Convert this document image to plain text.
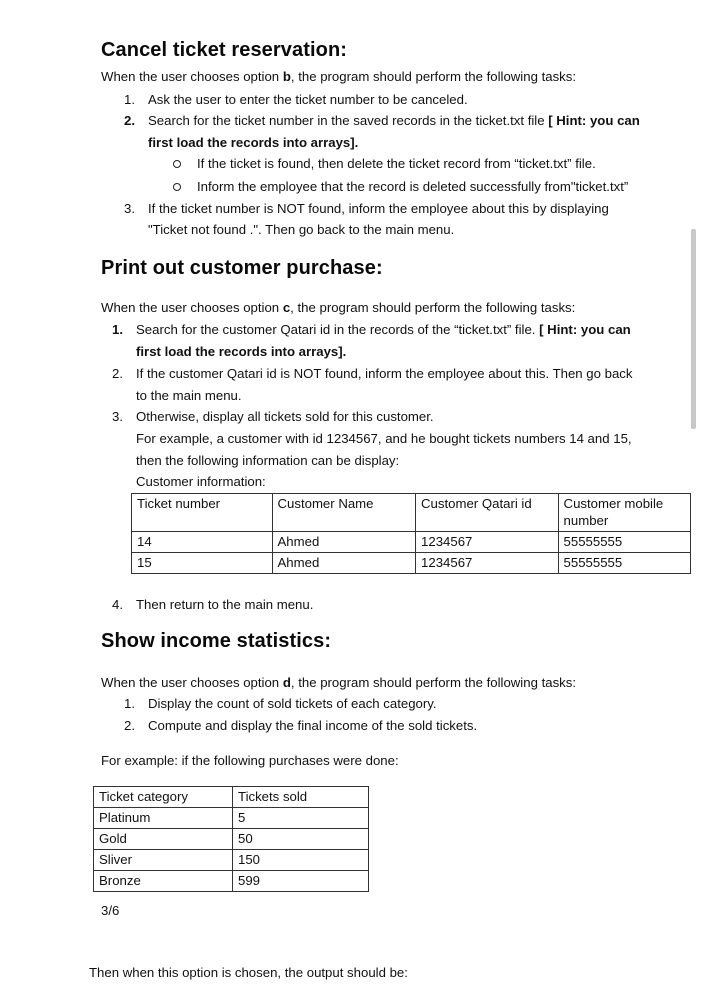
Cancel ticket reservation:
When the user chooses option b, the program should perform the following tasks:
1. Ask the user to enter the ticket number to be canceled.
2. Search for the ticket number in the saved records in the ticket.txt file [ Hint: you can
first load the records into arrays].
If the ticket is found, then delete the ticket record from “ticket.txt” file.
Inform the employee that the record is deleted successfully from"ticket.txt”
3. If the ticket number is NOT found, inform the employee about this by displaying
"Ticket not found .". Then go back to the main menu.
Print out customer purchase:
When the user chooses option c, the program should perform the following tasks:
1. Search for the customer Qatari id in the records of the “ticket.txt” file. [ Hint: you can
first load the records into arrays].
2. If the customer Qatari id is NOT found, inform the employee about this. Then go back
to the main menu.
3. Otherwise, display all tickets sold for this customer.
For example, a customer with id 1234567, and he bought tickets numbers 14 and 15,
then the following information can be display:
Customer information:
Ticket number	Customer Name	Customer Qatari id	Customer mobile number
14	Ahmed	1234567	55555555
15	Ahmed	1234567	55555555
4. Then return to the main menu.
Show income statistics:
When the user chooses option d, the program should perform the following tasks:
1. Display the count of sold tickets of each category.
2. Compute and display the final income of the sold tickets.
For example: if the following purchases were done:
Ticket category	Tickets sold
Platinum	5
Gold	50
Sliver	150
Bronze	599
3/6
Then when this option is chosen, the output should be:
